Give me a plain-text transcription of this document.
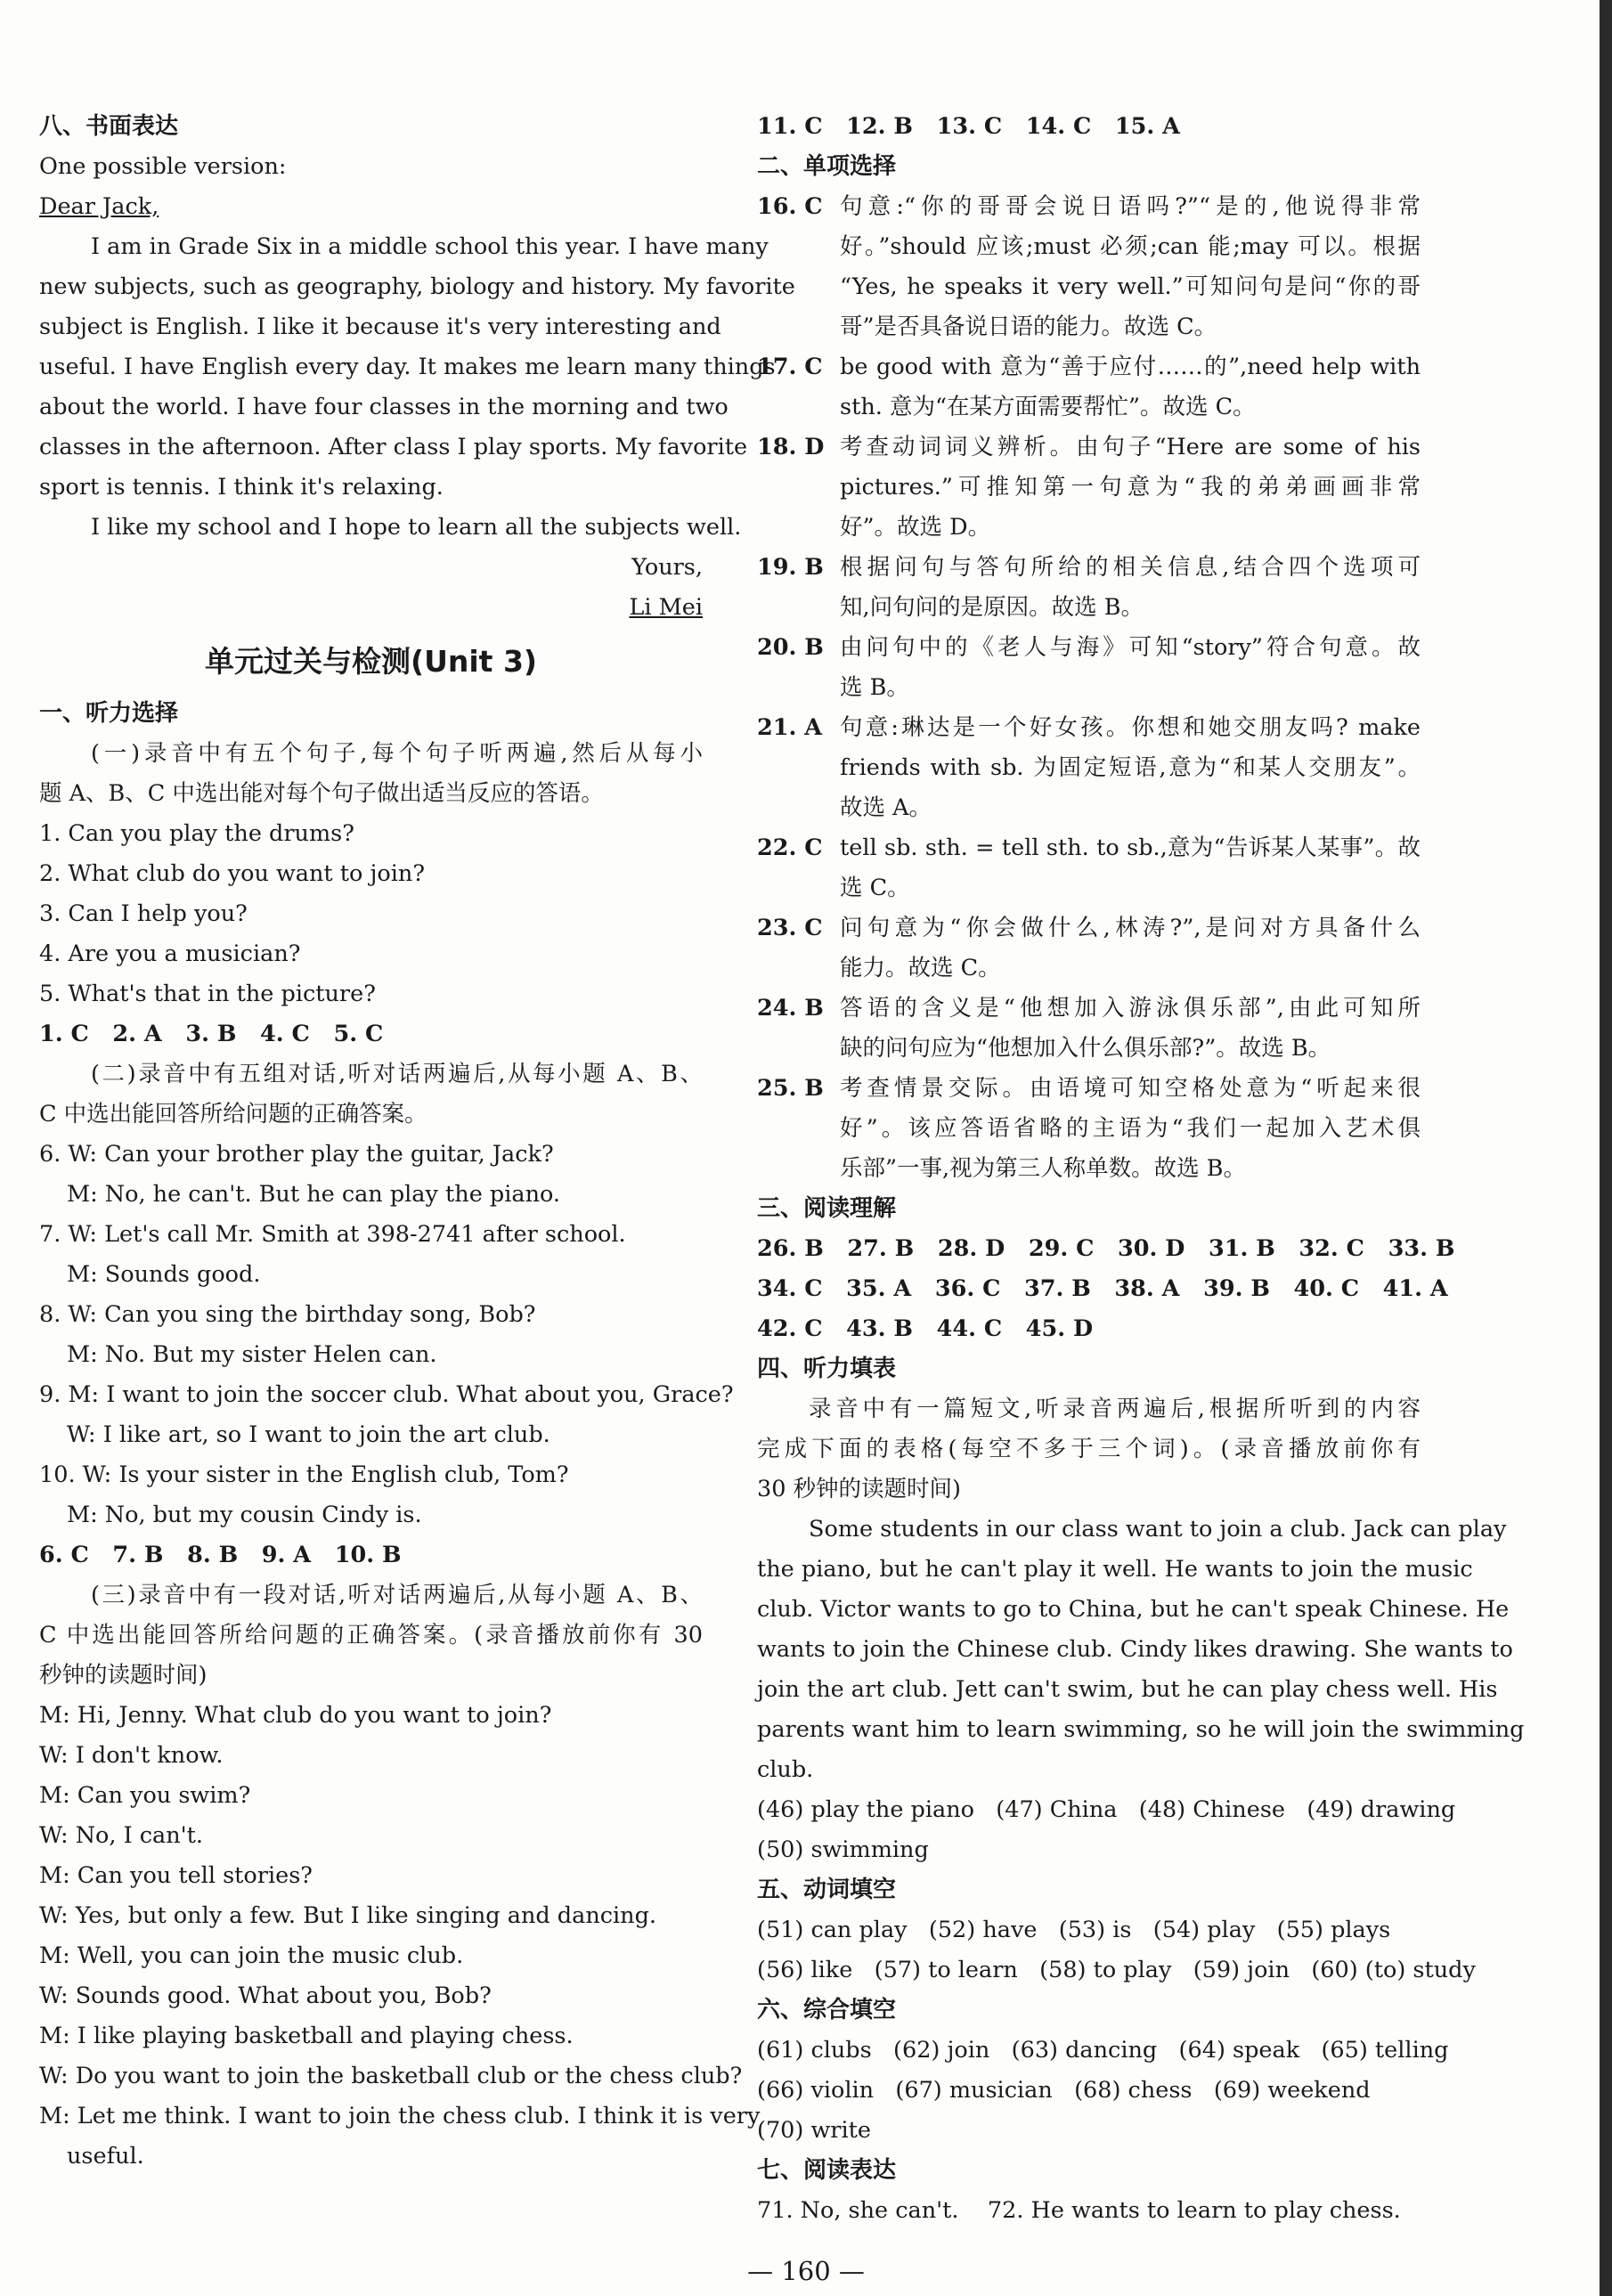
八、书面表达
One possible version:
Dear Jack,
I am in Grade Six in a middle school this year. I have many
new subjects, such as geography, biology and history. My favorite
subject is English. I like it because it's very interesting and
useful. I have English every day. It makes me learn many things
about the world. I have four classes in the morning and two
classes in the afternoon. After class I play sports. My favorite
sport is tennis. I think it's relaxing.
I like my school and I hope to learn all the subjects well.
Yours,
Li Mei
单元过关与检测(Unit 3)
一、听力选择
(一)录音中有五个句子,每个句子听两遍,然后从每小
题 A、B、C 中选出能对每个句子做出适当反应的答语。
1. Can you play the drums?
2. What club do you want to join?
3. Can I help you?
4. Are you a musician?
5. What's that in the picture?
1. C   2. A   3. B   4. C   5. C
(二)录音中有五组对话,听对话两遍后,从每小题 A、B、
C 中选出能回答所给问题的正确答案。
6. W: Can your brother play the guitar, Jack?
M: No, he can't. But he can play the piano.
7. W: Let's call Mr. Smith at 398-2741 after school.
M: Sounds good.
8. W: Can you sing the birthday song, Bob?
M: No. But my sister Helen can.
9. M: I want to join the soccer club. What about you, Grace?
W: I like art, so I want to join the art club.
10. W: Is your sister in the English club, Tom?
M: No, but my cousin Cindy is.
6. C   7. B   8. B   9. A   10. B
(三)录音中有一段对话,听对话两遍后,从每小题 A、B、
C 中选出能回答所给问题的正确答案。(录音播放前你有 30
秒钟的读题时间)
M: Hi, Jenny. What club do you want to join?
W: I don't know.
M: Can you swim?
W: No, I can't.
M: Can you tell stories?
W: Yes, but only a few. But I like singing and dancing.
M: Well, you can join the music club.
W: Sounds good. What about you, Bob?
M: I like playing basketball and playing chess.
W: Do you want to join the basketball club or the chess club?
M: Let me think. I want to join the chess club. I think it is very
useful.
11. C   12. B   13. C   14. C   15. A
二、单项选择
16. C 句意:“你的哥哥会说日语吗?”“是的,他说得非常
好。”should 应该;must 必须;can 能;may 可以。根据
“Yes, he speaks it very well.”可知问句是问“你的哥
哥”是否具备说日语的能力。故选 C。
17. C be good with 意为“善于应付……的”,need help with
sth. 意为“在某方面需要帮忙”。故选 C。
18. D 考查动词词义辨析。由句子“Here are some of his
pictures.”可推知第一句意为“我的弟弟画画非常
好”。故选 D。
19. B 根据问句与答句所给的相关信息,结合四个选项可
知,问句问的是原因。故选 B。
20. B 由问句中的《老人与海》可知“story”符合句意。故
选 B。
21. A 句意:琳达是一个好女孩。你想和她交朋友吗? make
friends with sb. 为固定短语,意为“和某人交朋友”。
故选 A。
22. C tell sb. sth. = tell sth. to sb.,意为“告诉某人某事”。故
选 C。
23. C 问句意为“你会做什么,林涛?”,是问对方具备什么
能力。故选 C。
24. B 答语的含义是“他想加入游泳俱乐部”,由此可知所
缺的问句应为“他想加入什么俱乐部?”。故选 B。
25. B 考查情景交际。由语境可知空格处意为“听起来很
好”。该应答语省略的主语为“我们一起加入艺术俱
乐部”一事,视为第三人称单数。故选 B。
三、阅读理解
26. B   27. B   28. D   29. C   30. D   31. B   32. C   33. B
34. C   35. A   36. C   37. B   38. A   39. B   40. C   41. A
42. C   43. B   44. C   45. D
四、听力填表
录音中有一篇短文,听录音两遍后,根据所听到的内容
完成下面的表格(每空不多于三个词)。(录音播放前你有
30 秒钟的读题时间)
Some students in our class want to join a club. Jack can play
the piano, but he can't play it well. He wants to join the music
club. Victor wants to go to China, but he can't speak Chinese. He
wants to join the Chinese club. Cindy likes drawing. She wants to
join the art club. Jett can't swim, but he can play chess well. His
parents want him to learn swimming, so he will join the swimming
club.
(46) play the piano   (47) China   (48) Chinese   (49) drawing
(50) swimming
五、动词填空
(51) can play   (52) have   (53) is   (54) play   (55) plays
(56) like   (57) to learn   (58) to play   (59) join   (60) (to) study
六、综合填空
(61) clubs   (62) join   (63) dancing   (64) speak   (65) telling
(66) violin   (67) musician   (68) chess   (69) weekend
(70) write
七、阅读表达
71. No, she can't.    72. He wants to learn to play chess.
— 160 —
